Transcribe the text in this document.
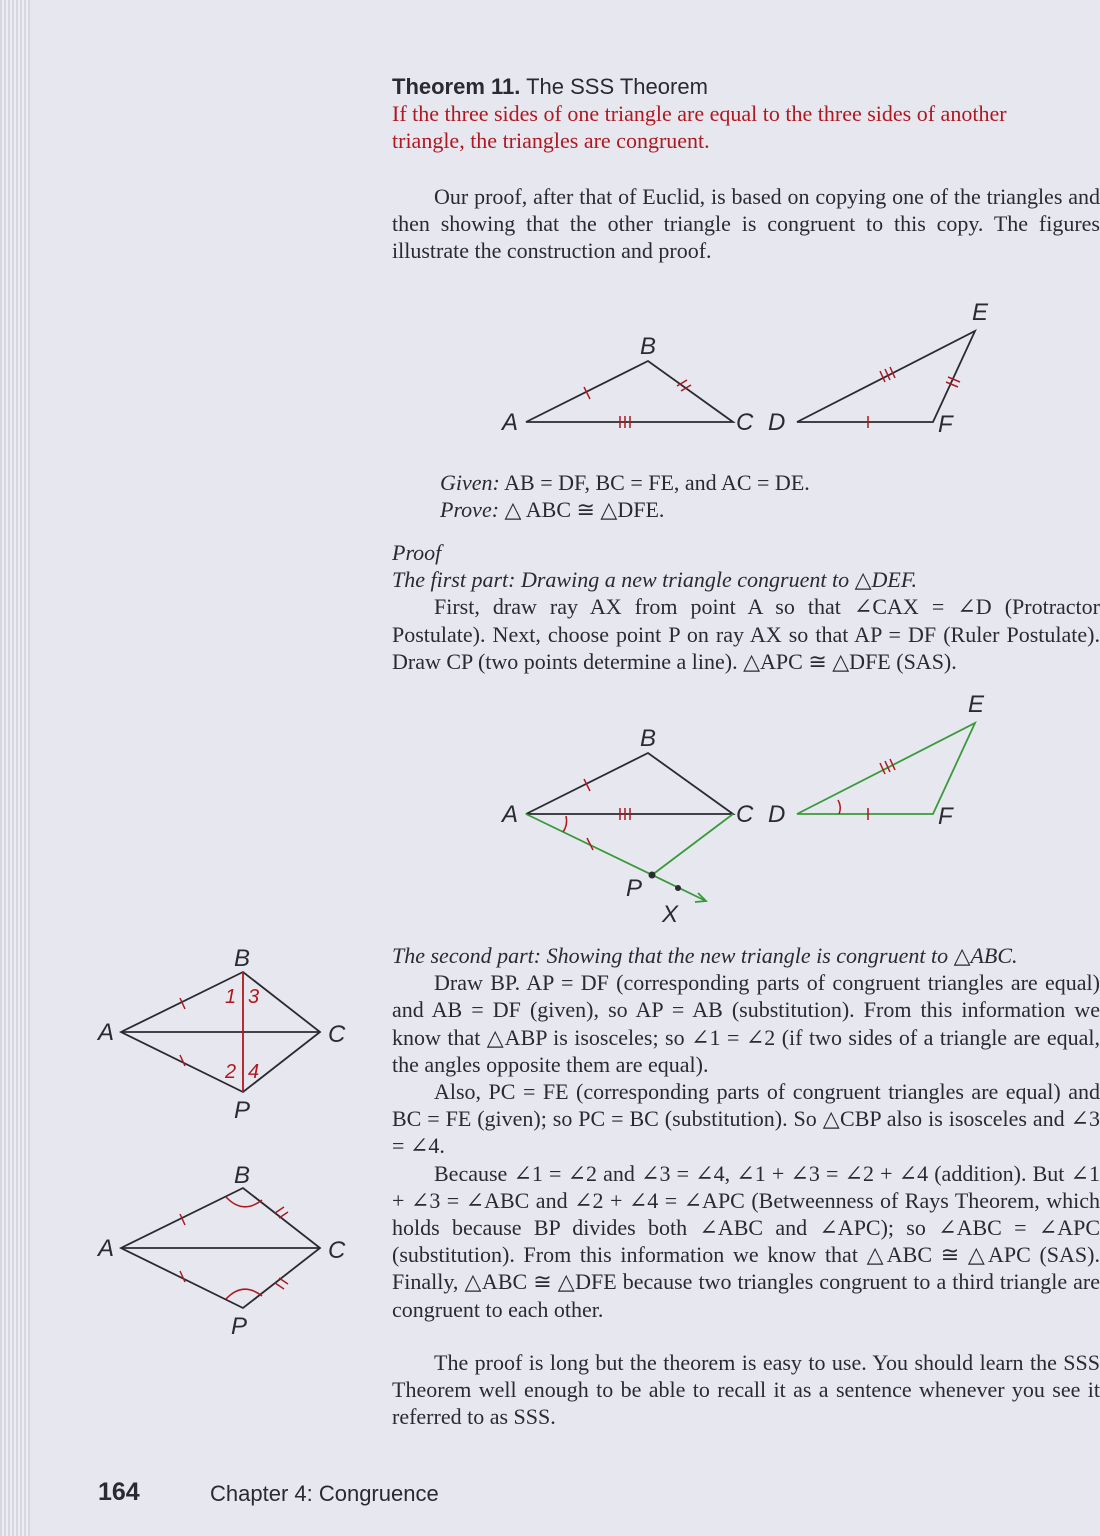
Theorem 11. The SSS Theorem

If the three sides of one triangle are equal to the three sides of another triangle, the triangles are congruent.

Our proof, after that of Euclid, is based on copying one of the triangles and then showing that the other triangle is congruent to this copy. The figures illustrate the construction and proof.

A
B
C D
E
F
A
B
C D
E
F
P
X
B
A	C
P
1 3
2 4
B
A	C
P
Given: AB = DF, BC = FE, and AC = DE.
Prove: △ ABC ≅ △DFE.

Proof

The first part: Drawing a new triangle congruent to △DEF.

First, draw ray AX from point A so that ∠CAX = ∠D (Protractor Postulate). Next, choose point P on ray AX so that AP = DF (Ruler Postulate). Draw CP (two points determine a line). △APC ≅ △DFE (SAS).

The second part: Showing that the new triangle is congruent to △ABC.

Draw BP. AP = DF (corresponding parts of congruent triangles are equal) and AB = DF (given), so AP = AB (substitution). From this information we know that △ABP is isosceles; so ∠1 = ∠2 (if two sides of a triangle are equal, the angles opposite them are equal).

Also, PC = FE (corresponding parts of congruent triangles are equal) and BC = FE (given); so PC = BC (substitution). So △CBP also is isosceles and ∠3 = ∠4.

Because ∠1 = ∠2 and ∠3 = ∠4, ∠1 + ∠3 = ∠2 + ∠4 (addition). But ∠1 + ∠3 = ∠ABC and ∠2 + ∠4 = ∠APC (Betweenness of Rays Theorem, which holds because BP divides both ∠ABC and ∠APC); so ∠ABC = ∠APC (substitution). From this information we know that △ABC ≅ △APC (SAS). Finally, △ABC ≅ △DFE because two triangles congruent to a third triangle are congruent to each other.

The proof is long but the theorem is easy to use. You should learn the SSS Theorem well enough to be able to recall it as a sentence whenever you see it referred to as SSS.

164	Chapter 4: Congruence
